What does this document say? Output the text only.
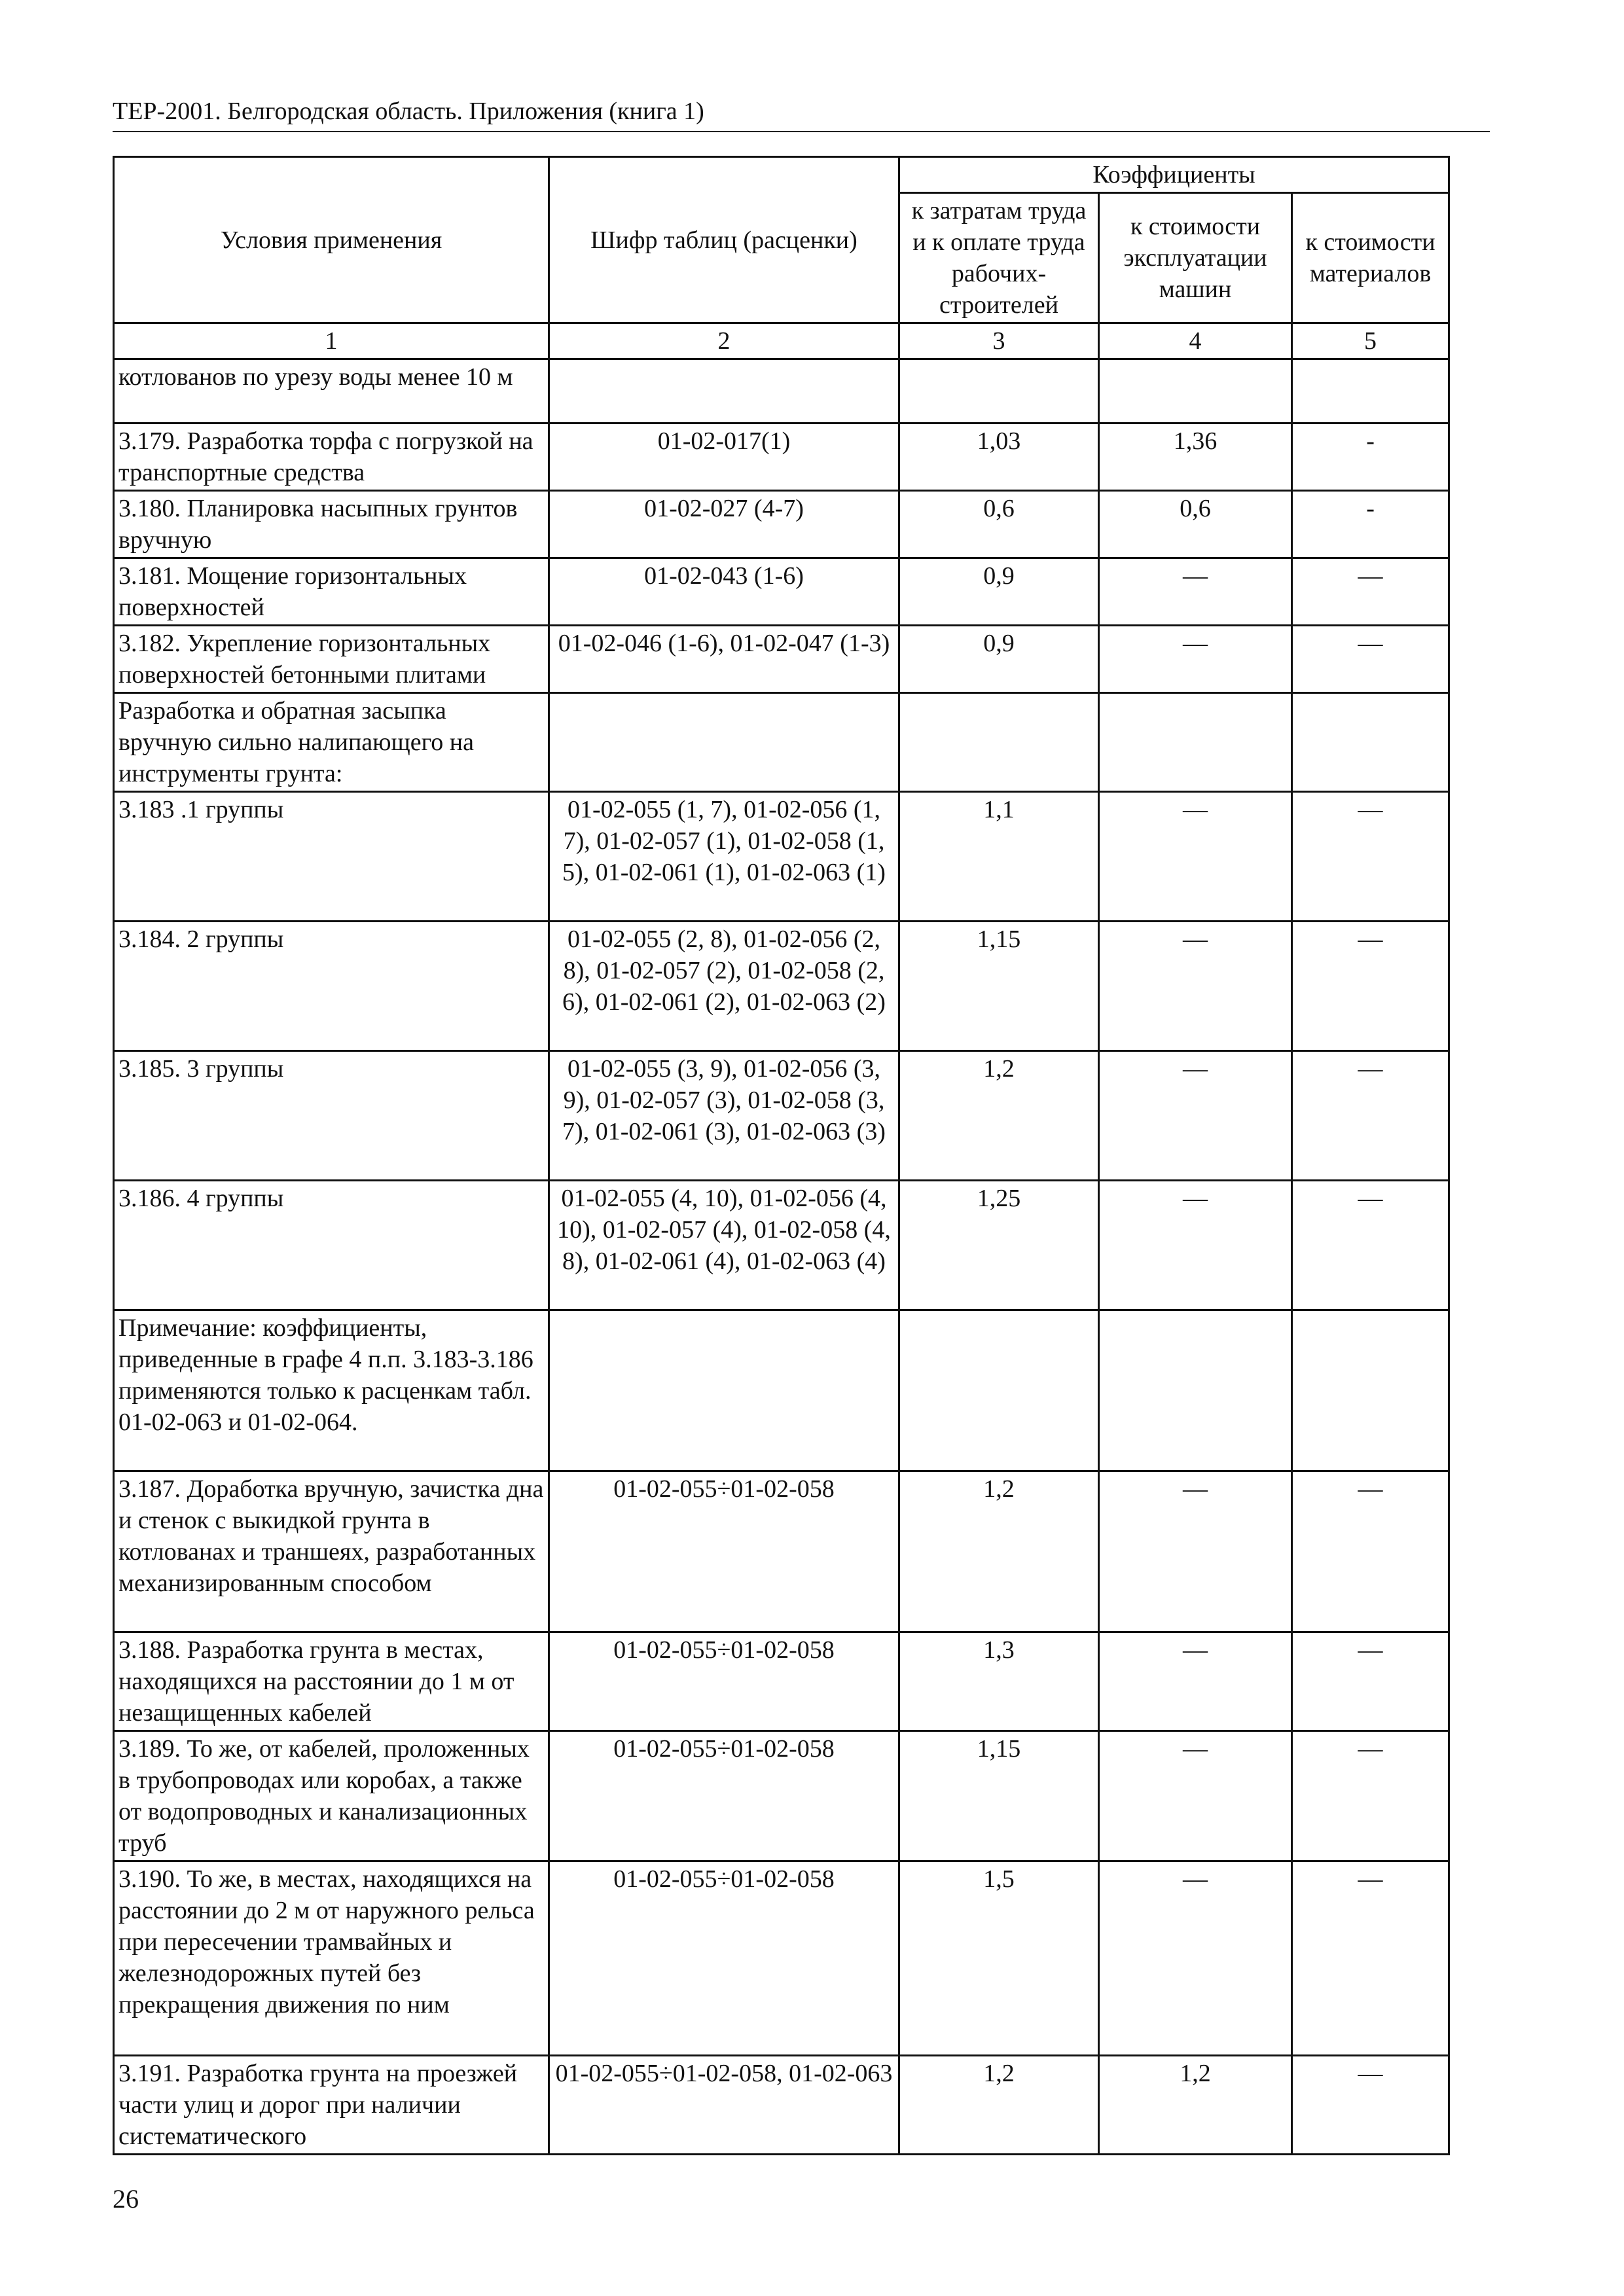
ТЕР-2001. Белгородская область. Приложения (книга 1)
Условия применения	Шифр таблиц (расценки)	Коэффициенты		
		к затратам труда и к оплате труда рабочих-строителей	к стоимости эксплуатации машин	к стоимости материалов
1	2	3	4	5
котлованов по урезу воды менее 10 м				
3.179. Разработка торфа с погрузкой на транспортные средства	01-02-017(1)	1,03	1,36	-
3.180. Планировка насыпных грунтов вручную	01-02-027 (4-7)	0,6	0,6	-
3.181. Мощение горизонтальных поверхностей	01-02-043 (1-6)	0,9	—	—
3.182. Укрепление горизонтальных поверхностей бетонными плитами	01-02-046 (1-6), 01-02-047 (1-3)	0,9	—	—
Разработка и обратная засыпка вручную сильно налипающего на инструменты грунта:				
3.183 .1 группы	01-02-055 (1, 7), 01-02-056 (1, 7), 01-02-057 (1), 01-02-058 (1, 5), 01-02-061 (1), 01-02-063 (1)	1,1	—	—
3.184. 2 группы	01-02-055 (2, 8), 01-02-056 (2, 8), 01-02-057 (2), 01-02-058 (2, 6), 01-02-061 (2), 01-02-063 (2)	1,15	—	—
3.185. 3 группы	01-02-055 (3, 9), 01-02-056 (3, 9), 01-02-057 (3), 01-02-058 (3, 7), 01-02-061 (3), 01-02-063 (3)	1,2	—	—
3.186. 4 группы	01-02-055 (4, 10), 01-02-056 (4, 10), 01-02-057 (4), 01-02-058 (4, 8), 01-02-061 (4), 01-02-063 (4)	1,25	—	—
Примечание: коэффициенты, приведенные в графе 4 п.п. 3.183-3.186 применяются только к расценкам табл. 01-02-063 и 01-02-064.				
3.187. Доработка вручную, зачистка дна и стенок с выкидкой грунта в котлованах и траншеях, разработанных механизированным способом	01-02-055÷01-02-058	1,2	—	—
3.188. Разработка грунта в местах, находящихся на расстоянии до 1 м от незащищенных кабелей	01-02-055÷01-02-058	1,3	—	—
3.189. То же, от кабелей, проложенных в трубопроводах или коробах, а также от водопроводных и канализационных труб	01-02-055÷01-02-058	1,15	—	—
3.190. То же, в местах, находящихся на расстоянии до 2 м от наружного рельса при пересечении трамвайных и железнодорожных путей без прекращения движения по ним	01-02-055÷01-02-058	1,5	—	—
3.191. Разработка грунта на проезжей части улиц и дорог при наличии систематического	01-02-055÷01-02-058, 01-02-063	1,2	1,2	—
26
